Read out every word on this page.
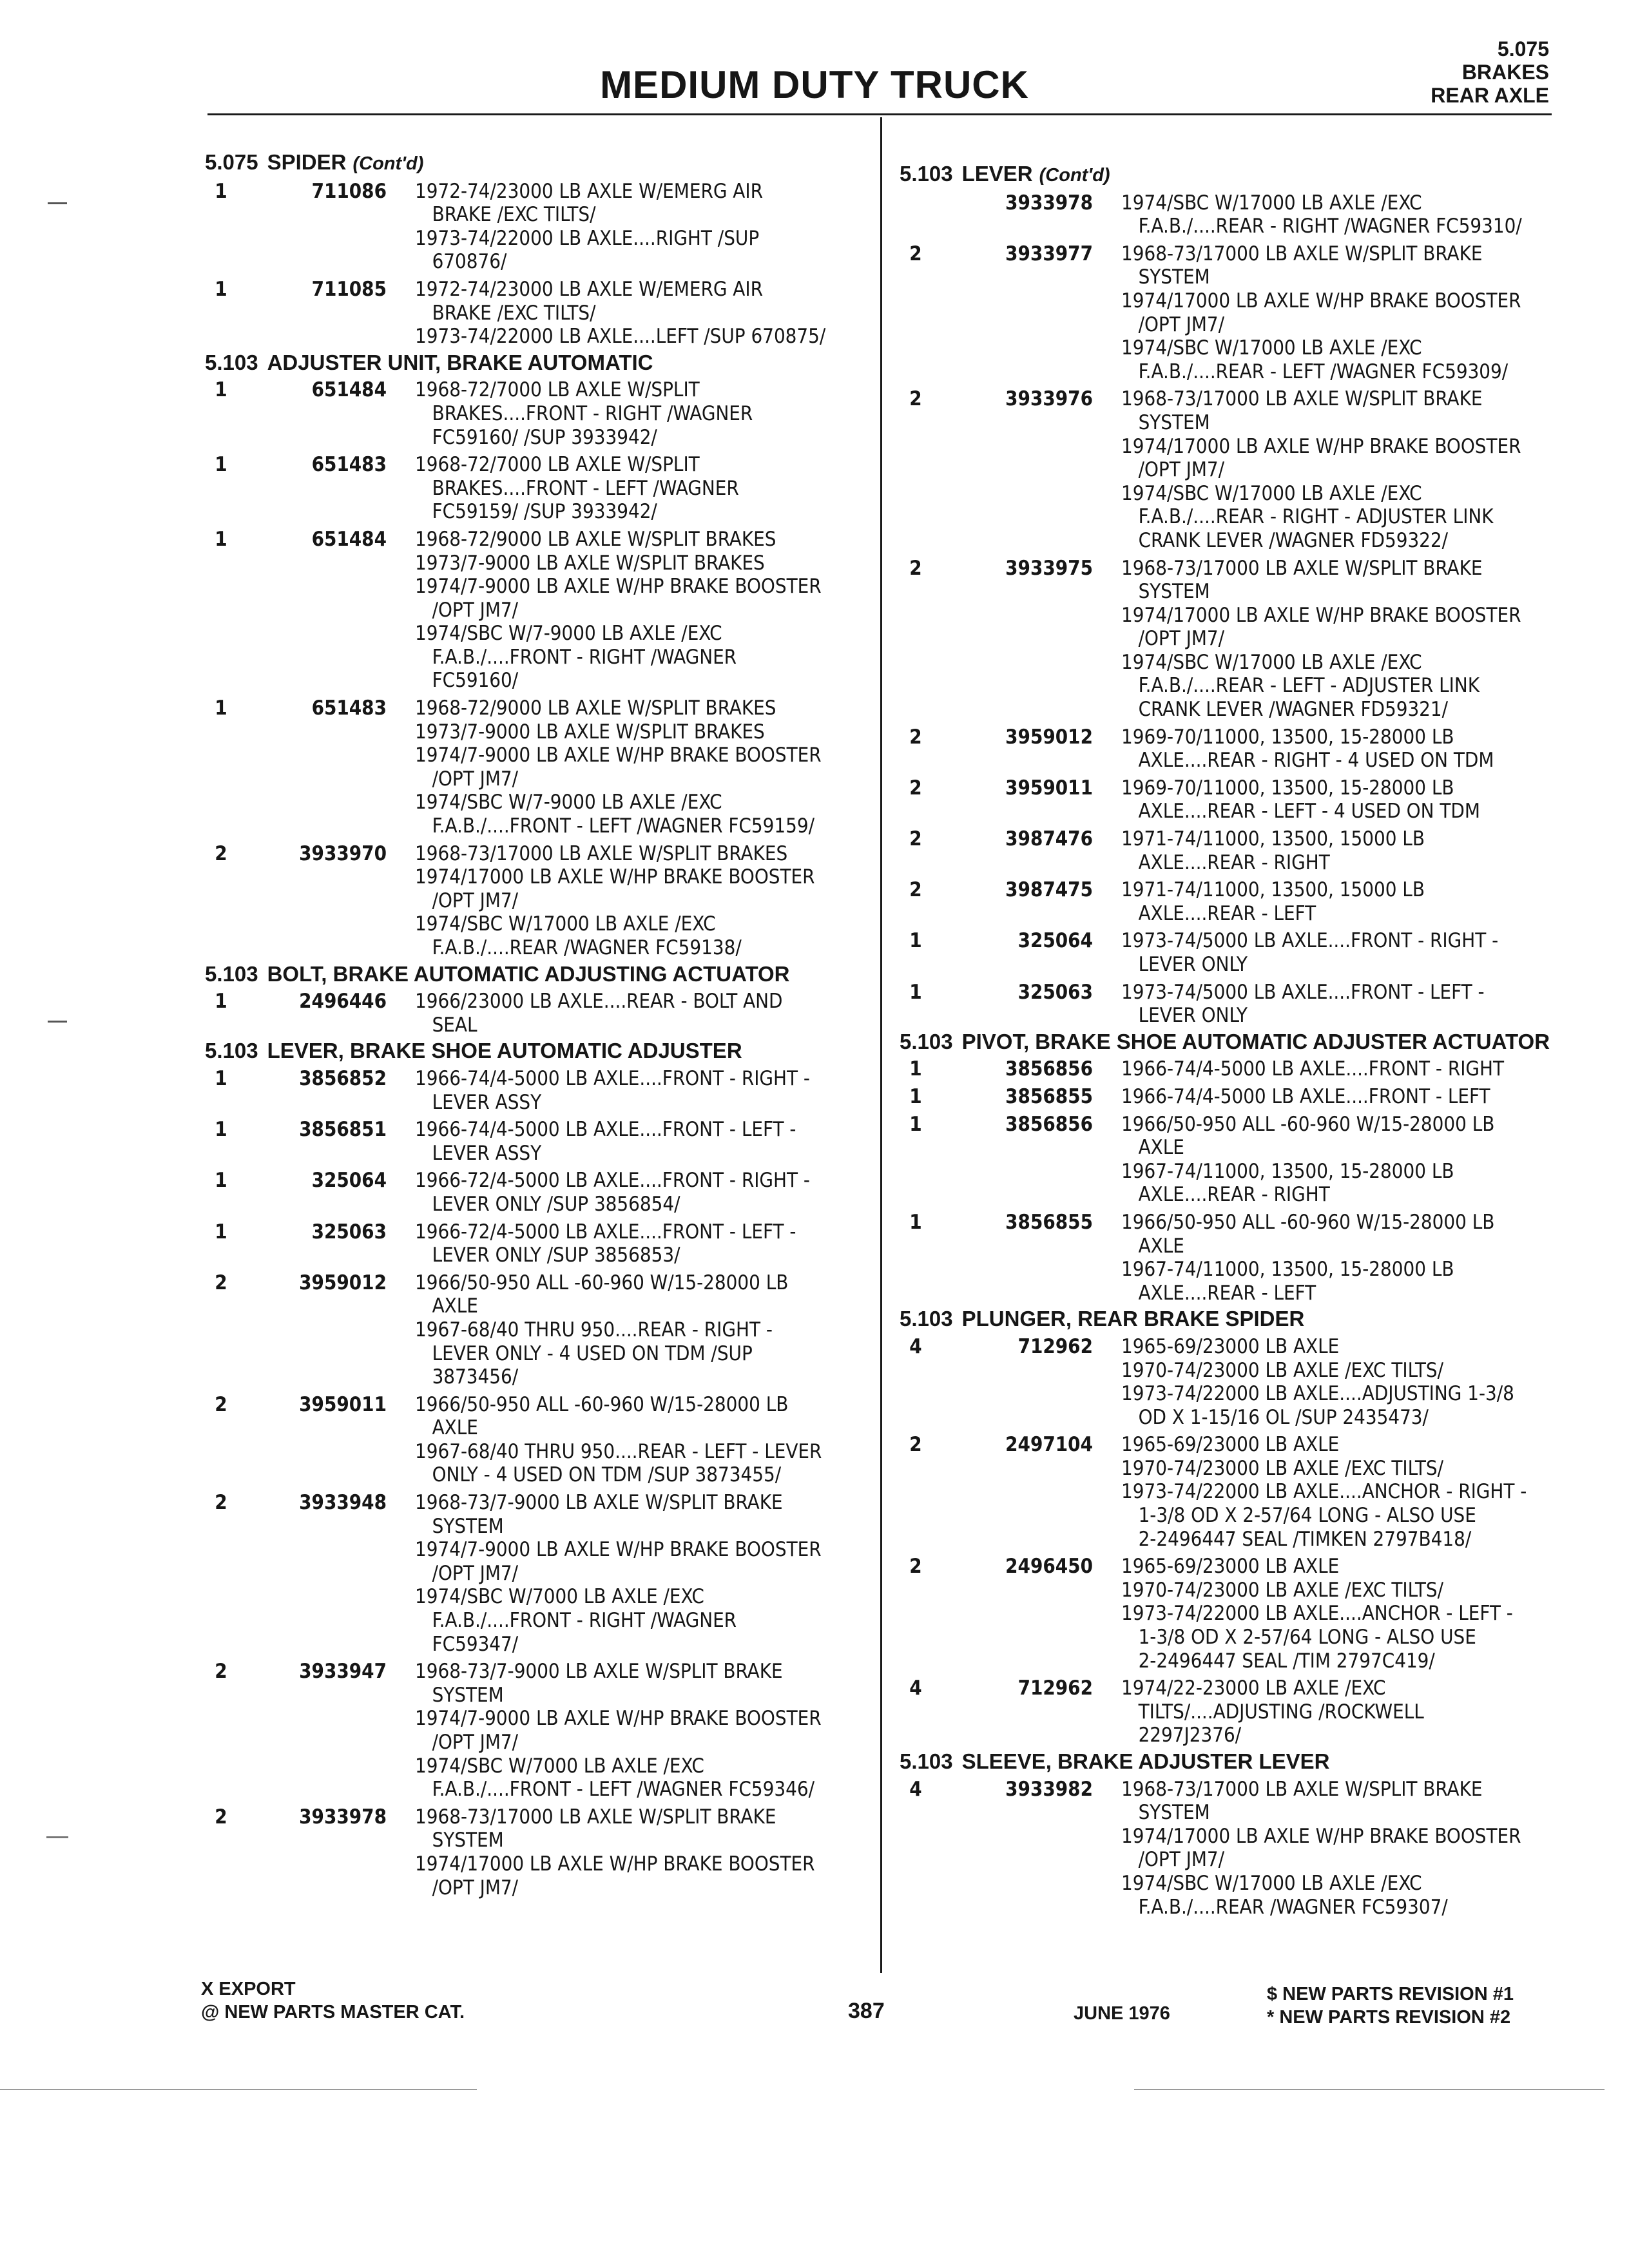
MEDIUM DUTY TRUCK
5.075
BRAKES
REAR AXLE
5.075 SPIDER (Cont'd)
1	711086 1972-74/23000 LB AXLE W/EMERG AIR
BRAKE /EXC TILTS/
1973-74/22000 LB AXLE....RIGHT /SUP
670876/
1	711085 1972-74/23000 LB AXLE W/EMERG AIR
BRAKE /EXC TILTS/
1973-74/22000 LB AXLE....LEFT /SUP 670875/
5.103 ADJUSTER UNIT, BRAKE AUTOMATIC
1	651484 1968-72/7000 LB AXLE W/SPLIT
BRAKES....FRONT - RIGHT /WAGNER
FC59160/ /SUP 3933942/
1	651483 1968-72/7000 LB AXLE W/SPLIT
BRAKES....FRONT - LEFT /WAGNER
FC59159/ /SUP 3933942/
1	651484 1968-72/9000 LB AXLE W/SPLIT BRAKES
1973/7-9000 LB AXLE W/SPLIT BRAKES
1974/7-9000 LB AXLE W/HP BRAKE BOOSTER
/OPT JM7/
1974/SBC W/7-9000 LB AXLE /EXC
F.A.B./....FRONT - RIGHT /WAGNER
FC59160/
1	651483 1968-72/9000 LB AXLE W/SPLIT BRAKES
1973/7-9000 LB AXLE W/SPLIT BRAKES
1974/7-9000 LB AXLE W/HP BRAKE BOOSTER
/OPT JM7/
1974/SBC W/7-9000 LB AXLE /EXC
F.A.B./....FRONT - LEFT /WAGNER FC59159/
2	3933970 1968-73/17000 LB AXLE W/SPLIT BRAKES
1974/17000 LB AXLE W/HP BRAKE BOOSTER
/OPT JM7/
1974/SBC W/17000 LB AXLE /EXC
F.A.B./....REAR /WAGNER FC59138/
5.103 BOLT, BRAKE AUTOMATIC ADJUSTING ACTUATOR
1	2496446 1966/23000 LB AXLE....REAR - BOLT AND
SEAL
5.103 LEVER, BRAKE SHOE AUTOMATIC ADJUSTER
1	3856852 1966-74/4-5000 LB AXLE....FRONT - RIGHT -
LEVER ASSY
1	3856851 1966-74/4-5000 LB AXLE....FRONT - LEFT -
LEVER ASSY
1	325064 1966-72/4-5000 LB AXLE....FRONT - RIGHT -
LEVER ONLY /SUP 3856854/
1	325063 1966-72/4-5000 LB AXLE....FRONT - LEFT -
LEVER ONLY /SUP 3856853/
2	3959012 1966/50-950 ALL -60-960 W/15-28000 LB
AXLE
1967-68/40 THRU 950....REAR - RIGHT -
LEVER ONLY - 4 USED ON TDM /SUP
3873456/
2	3959011 1966/50-950 ALL -60-960 W/15-28000 LB
AXLE
1967-68/40 THRU 950....REAR - LEFT - LEVER
ONLY - 4 USED ON TDM /SUP 3873455/
2	3933948 1968-73/7-9000 LB AXLE W/SPLIT BRAKE
SYSTEM
1974/7-9000 LB AXLE W/HP BRAKE BOOSTER
/OPT JM7/
1974/SBC W/7000 LB AXLE /EXC
F.A.B./....FRONT - RIGHT /WAGNER
FC59347/
2	3933947 1968-73/7-9000 LB AXLE W/SPLIT BRAKE
SYSTEM
1974/7-9000 LB AXLE W/HP BRAKE BOOSTER
/OPT JM7/
1974/SBC W/7000 LB AXLE /EXC
F.A.B./....FRONT - LEFT /WAGNER FC59346/
2	3933978 1968-73/17000 LB AXLE W/SPLIT BRAKE
SYSTEM
1974/17000 LB AXLE W/HP BRAKE BOOSTER
/OPT JM7/
5.103 LEVER (Cont'd)
3933978 1974/SBC W/17000 LB AXLE /EXC
F.A.B./....REAR - RIGHT /WAGNER FC59310/
2	3933977 1968-73/17000 LB AXLE W/SPLIT BRAKE
SYSTEM
1974/17000 LB AXLE W/HP BRAKE BOOSTER
/OPT JM7/
1974/SBC W/17000 LB AXLE /EXC
F.A.B./....REAR - LEFT /WAGNER FC59309/
2	3933976 1968-73/17000 LB AXLE W/SPLIT BRAKE
SYSTEM
1974/17000 LB AXLE W/HP BRAKE BOOSTER
/OPT JM7/
1974/SBC W/17000 LB AXLE /EXC
F.A.B./....REAR - RIGHT - ADJUSTER LINK
CRANK LEVER /WAGNER FD59322/
2	3933975 1968-73/17000 LB AXLE W/SPLIT BRAKE
SYSTEM
1974/17000 LB AXLE W/HP BRAKE BOOSTER
/OPT JM7/
1974/SBC W/17000 LB AXLE /EXC
F.A.B./....REAR - LEFT - ADJUSTER LINK
CRANK LEVER /WAGNER FD59321/
2	3959012 1969-70/11000, 13500, 15-28000 LB
AXLE....REAR - RIGHT - 4 USED ON TDM
2	3959011 1969-70/11000, 13500, 15-28000 LB
AXLE....REAR - LEFT - 4 USED ON TDM
2	3987476 1971-74/11000, 13500, 15000 LB
AXLE....REAR - RIGHT
2	3987475 1971-74/11000, 13500, 15000 LB
AXLE....REAR - LEFT
1	325064 1973-74/5000 LB AXLE....FRONT - RIGHT -
LEVER ONLY
1	325063 1973-74/5000 LB AXLE....FRONT - LEFT -
LEVER ONLY
5.103 PIVOT, BRAKE SHOE AUTOMATIC ADJUSTER ACTUATOR
1	3856856 1966-74/4-5000 LB AXLE....FRONT - RIGHT
1	3856855 1966-74/4-5000 LB AXLE....FRONT - LEFT
1	3856856 1966/50-950 ALL -60-960 W/15-28000 LB
AXLE
1967-74/11000, 13500, 15-28000 LB
AXLE....REAR - RIGHT
1	3856855 1966/50-950 ALL -60-960 W/15-28000 LB
AXLE
1967-74/11000, 13500, 15-28000 LB
AXLE....REAR - LEFT
5.103 PLUNGER, REAR BRAKE SPIDER
4	712962 1965-69/23000 LB AXLE
1970-74/23000 LB AXLE /EXC TILTS/
1973-74/22000 LB AXLE....ADJUSTING 1-3/8
OD X 1-15/16 OL /SUP 2435473/
2	2497104 1965-69/23000 LB AXLE
1970-74/23000 LB AXLE /EXC TILTS/
1973-74/22000 LB AXLE....ANCHOR - RIGHT -
1-3/8 OD X 2-57/64 LONG - ALSO USE
2-2496447 SEAL /TIMKEN 2797B418/
2	2496450 1965-69/23000 LB AXLE
1970-74/23000 LB AXLE /EXC TILTS/
1973-74/22000 LB AXLE....ANCHOR - LEFT -
1-3/8 OD X 2-57/64 LONG - ALSO USE
2-2496447 SEAL /TIM 2797C419/
4	712962 1974/22-23000 LB AXLE /EXC
TILTS/....ADJUSTING /ROCKWELL
2297J2376/
5.103 SLEEVE, BRAKE ADJUSTER LEVER
4	3933982 1968-73/17000 LB AXLE W/SPLIT BRAKE
SYSTEM
1974/17000 LB AXLE W/HP BRAKE BOOSTER
/OPT JM7/
1974/SBC W/17000 LB AXLE /EXC
F.A.B./....REAR /WAGNER FC59307/
X EXPORT
@ NEW PARTS MASTER CAT.	387	JUNE 1976
$ NEW PARTS REVISION #1
* NEW PARTS REVISION #2
